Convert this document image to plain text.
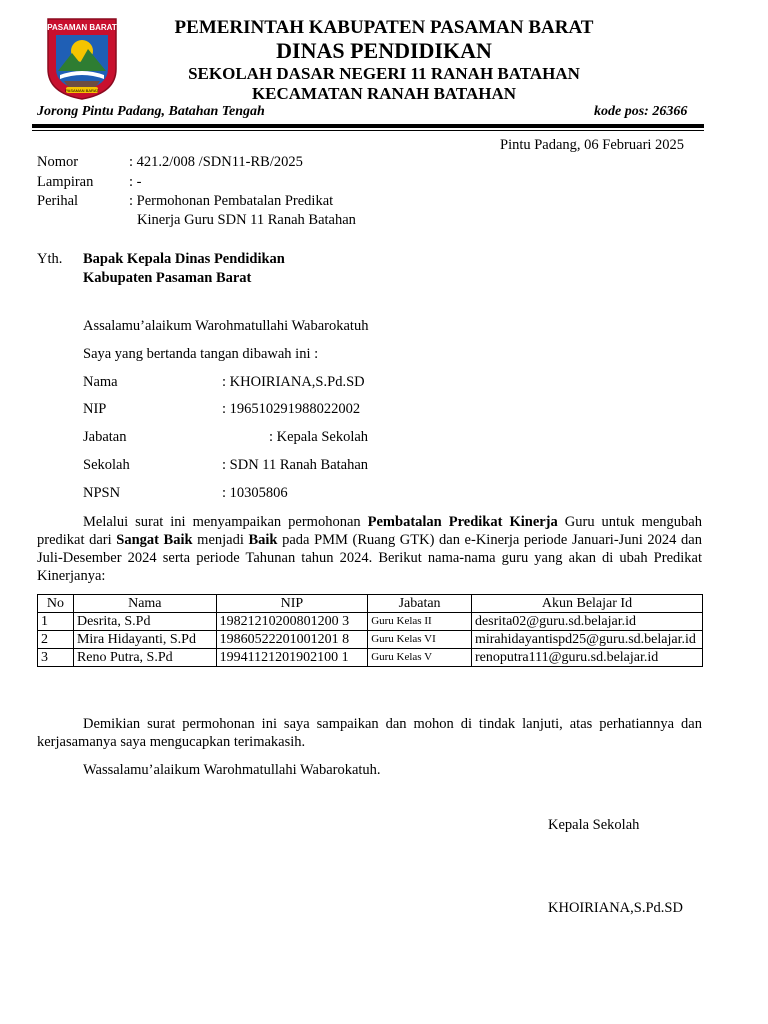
PASAMAN BARAT
PASAMAN BARAT
PEMERINTAH KABUPATEN PASAMAN BARAT
DINAS PENDIDIKAN
SEKOLAH DASAR NEGERI 11 RANAH BATAHAN
KECAMATAN RANAH BATAHAN
Jorong Pintu Padang, Batahan Tengah	kode pos: 26366
Pintu Padang, 06 Februari 2025
Nomor	: 421.2/008 /SDN11-RB/2025
Lampiran : -
Perihal	: Permohonan Pembatalan Predikat
Kinerja Guru SDN 11 Ranah Batahan
Yth. Bapak Kepala Dinas Pendidikan
Kabupaten Pasaman Barat
Assalamu’alaikum Warohmatullahi Wabarokatuh
Saya yang bertanda tangan dibawah ini :
Nama	: KHOIRIANA,S.Pd.SD
NIP	: 196510291988022002
Jabatan	: Kepala Sekolah
Sekolah	: SDN 11 Ranah Batahan
NPSN	: 10305806

Melalui surat ini menyampaikan permohonan Pembatalan Predikat Kinerja Guru untuk mengubah predikat dari Sangat Baik menjadi Baik pada PMM (Ruang GTK) dan e-Kinerja periode Januari-Juni 2024 dan Juli-Desember 2024 serta periode Tahunan tahun 2024. Berikut nama-nama guru yang akan di ubah Predikat Kinerjanya:

No	Nama	NIP	Jabatan	Akun Belajar Id
1	Desrita, S.Pd	19821210200801200 3	Guru Kelas II	desrita02@guru.sd.belajar.id
2	Mira Hidayanti, S.Pd	19860522201001201 8	Guru Kelas VI	mirahidayantispd25@guru.sd.belajar.id
3	Reno Putra, S.Pd	19941121201902100 1	Guru Kelas V	renoputra111@guru.sd.belajar.id

Demikian surat permohonan ini saya sampaikan dan mohon di tindak lanjuti, atas perhatiannya dan kerjasamanya saya mengucapkan terimakasih.

Wassalamu’alaikum Warohmatullahi Wabarokatuh.
Kepala Sekolah
KHOIRIANA,S.Pd.SD
